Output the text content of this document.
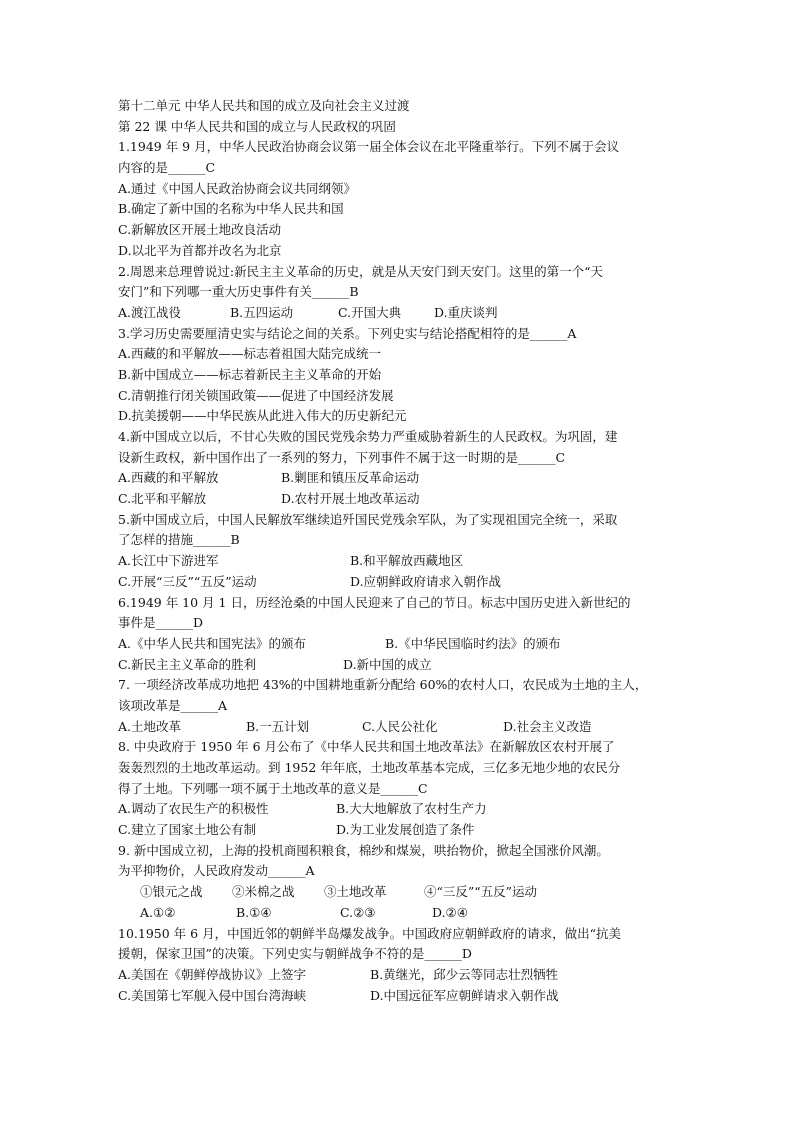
第十二单元 中华人民共和国的成立及向社会主义过渡
第 22 课 中华人民共和国的成立与人民政权的巩固
1.1949 年 9 月，中华人民政治协商会议第一届全体会议在北平隆重举行。下列不属于会议
内容的是______C
A.通过《中国人民政治协商会议共同纲领》
B.确定了新中国的名称为中华人民共和国
C.新解放区开展土地改良活动
D.以北平为首都并改名为北京
2.周恩来总理曾说过:新民主主义革命的历史，就是从天安门到天安门。这里的第一个“天
安门”和下列哪一重大历史事件有关______B
A.渡江战役	B.五四运动	C.开国大典	D.重庆谈判
3.学习历史需要厘清史实与结论之间的关系。下列史实与结论搭配相符的是______A
A.西藏的和平解放——标志着祖国大陆完成统一
B.新中国成立——标志着新民主主义革命的开始
C.清朝推行闭关锁国政策——促进了中国经济发展
D.抗美援朝——中华民族从此进入伟大的历史新纪元
4.新中国成立以后，不甘心失败的国民党残余势力严重威胁着新生的人民政权。为巩固，建
设新生政权，新中国作出了一系列的努力，下列事件不属于这一时期的是______C
A.西藏的和平解放	B.剿匪和镇压反革命运动
C.北平和平解放	D.农村开展土地改革运动
5.新中国成立后，中国人民解放军继续追歼国民党残余军队，为了实现祖国完全统一，采取
了怎样的措施______B
A.长江中下游进军	B.和平解放西藏地区
C.开展“三反”“五反”运动	D.应朝鲜政府请求入朝作战
6.1949 年 10 月 1 日，历经沧桑的中国人民迎来了自己的节日。标志中国历史进入新世纪的
事件是______D
A.《中华人民共和国宪法》的颁布	B.《中华民国临时约法》的颁布
C.新民主主义革命的胜利	D.新中国的成立
7. 一项经济改革成功地把 43%的中国耕地重新分配给 60%的农村人口，农民成为土地的主人，
该项改革是______A
A.土地改革	B.一五计划	C.人民公社化	D.社会主义改造
8. 中央政府于 1950 年 6 月公布了《中华人民共和国土地改革法》在新解放区农村开展了
轰轰烈烈的土地改革运动。到 1952 年年底，土地改革基本完成，三亿多无地少地的农民分
得了土地。下列哪一项不属于土地改革的意义是______C
A.调动了农民生产的积极性	B.大大地解放了农村生产力
C.建立了国家土地公有制	D.为工业发展创造了条件
9. 新中国成立初，上海的投机商囤积粮食，棉纱和煤炭，哄抬物价，掀起全国涨价风潮。
为平抑物价，人民政府发动______A
①银元之战	②米棉之战	③土地改革	④“三反”“五反”运动
A.①②	B.①④	C.②③	D.②④
10.1950 年 6 月，中国近邻的朝鲜半岛爆发战争。中国政府应朝鲜政府的请求，做出“抗美
援朝，保家卫国”的决策。下列史实与朝鲜战争不符的是______D
A.美国在《朝鲜停战协议》上签字	B.黄继光，邱少云等同志壮烈牺牲
C.美国第七军舰入侵中国台湾海峡	D.中国远征军应朝鲜请求入朝作战
